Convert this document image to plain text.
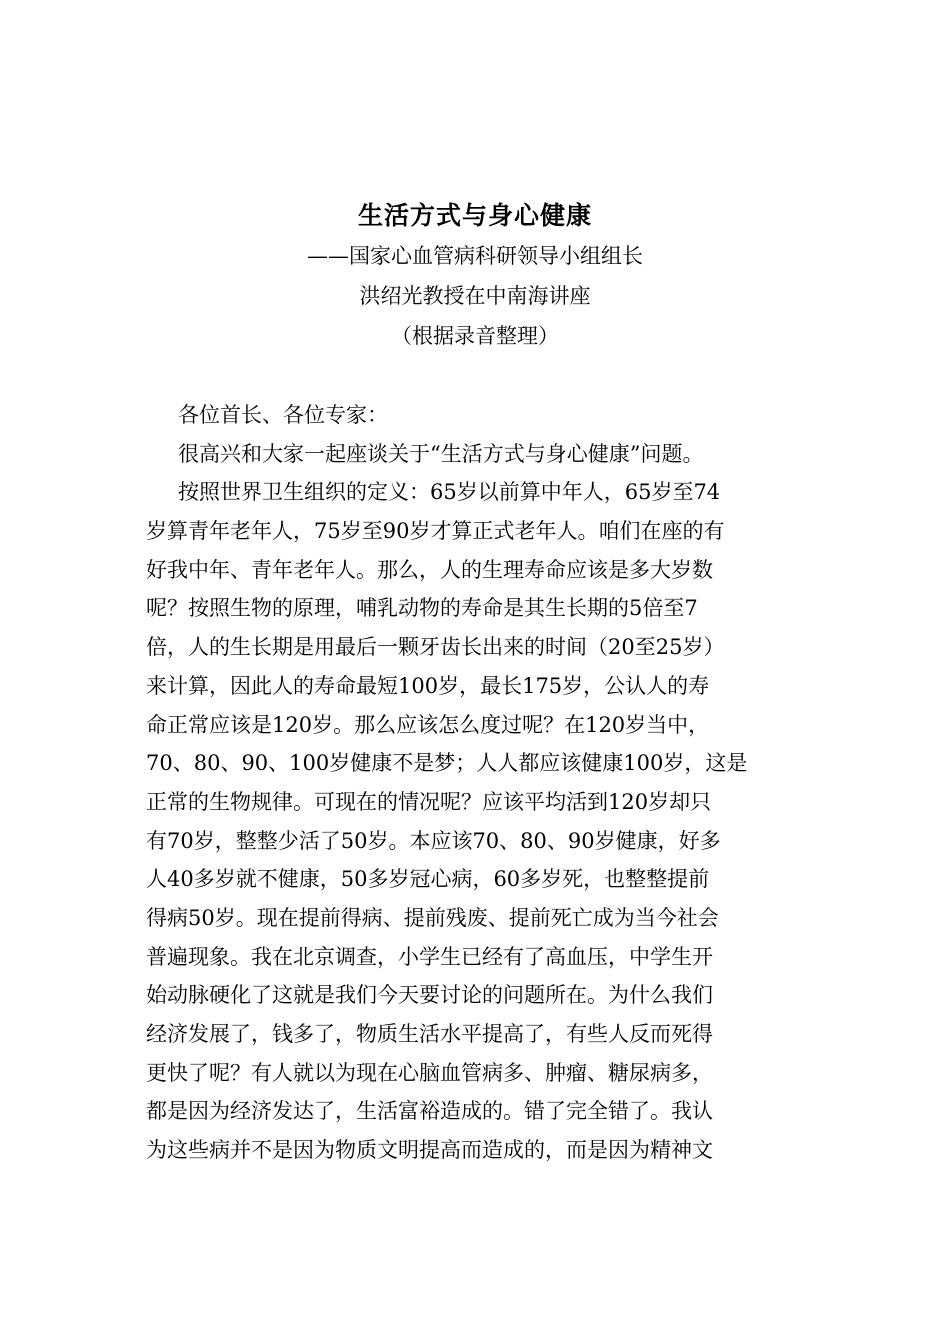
生活方式与身心健康
——国家心血管病科研领导小组组长
洪绍光教授在中南海讲座
（根据录音整理）
各位首长、各位专家：
很高兴和大家一起座谈关于“生活方式与身心健康”问题。
按照世界卫生组织的定义：65岁以前算中年人，65岁至74
岁算青年老年人，75岁至90岁才算正式老年人。咱们在座的有
好我中年、青年老年人。那么，人的生理寿命应该是多大岁数
呢？按照生物的原理，哺乳动物的寿命是其生长期的5倍至7
倍，人的生长期是用最后一颗牙齿长出来的时间（20至25岁）
来计算，因此人的寿命最短100岁，最长175岁，公认人的寿
命正常应该是120岁。那么应该怎么度过呢？在120岁当中，
70、80、90、100岁健康不是梦；人人都应该健康100岁，这是
正常的生物规律。可现在的情况呢？应该平均活到120岁却只
有70岁，整整少活了50岁。本应该70、80、90岁健康，好多
人40多岁就不健康，50多岁冠心病，60多岁死，也整整提前
得病50岁。现在提前得病、提前残废、提前死亡成为当今社会
普遍现象。我在北京调查，小学生已经有了高血压，中学生开
始动脉硬化了这就是我们今天要讨论的问题所在。为什么我们
经济发展了，钱多了，物质生活水平提高了，有些人反而死得
更快了呢？有人就以为现在心脑血管病多、肿瘤、糖尿病多，
都是因为经济发达了，生活富裕造成的。错了完全错了。我认
为这些病并不是因为物质文明提高而造成的，而是因为精神文
